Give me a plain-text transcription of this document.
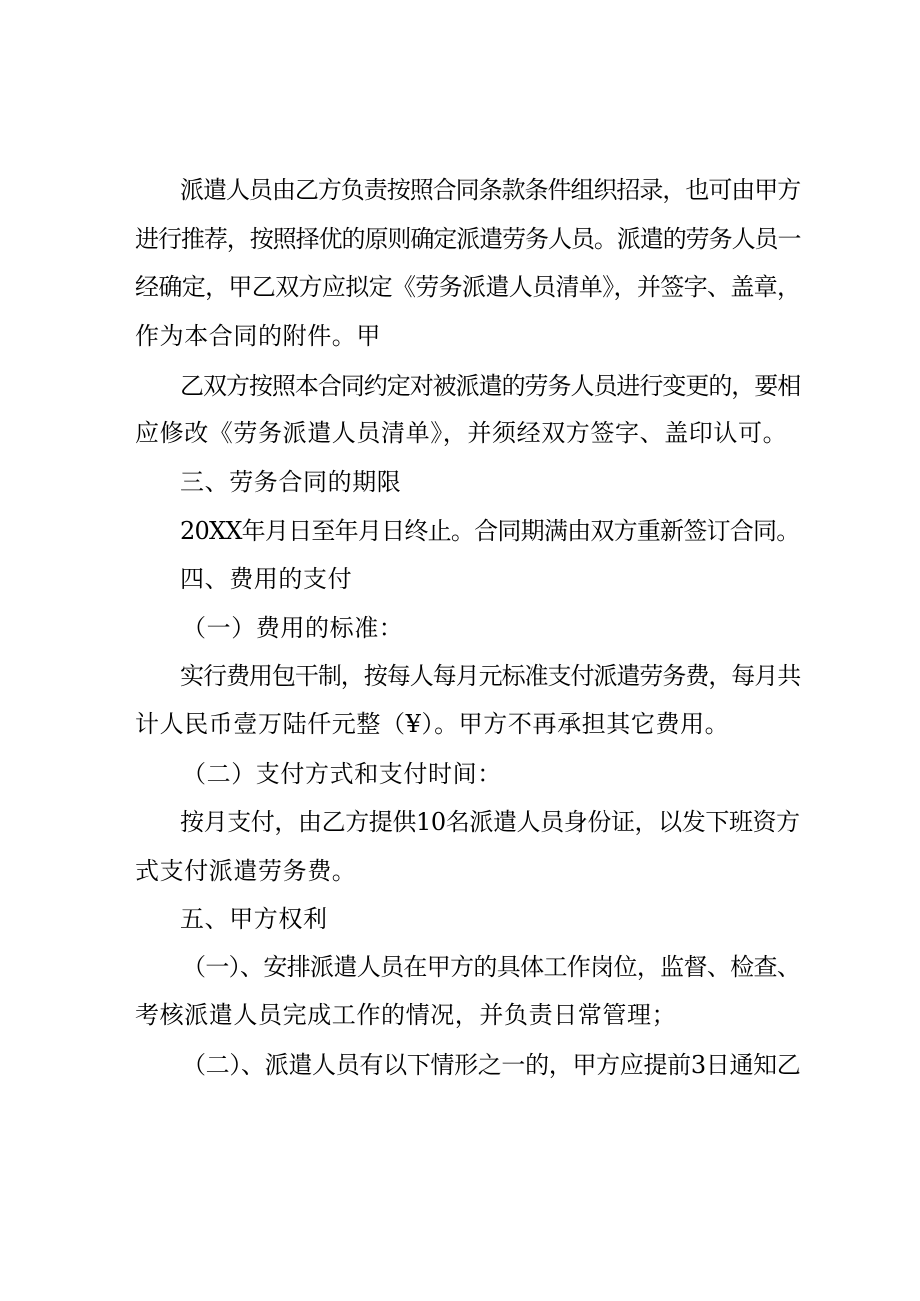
派遣人员由乙方负责按照合同条款条件组织招录，也可由甲方
进行推荐，按照择优的原则确定派遣劳务人员。派遣的劳务人员一
经确定，甲乙双方应拟定《劳务派遣人员清单》，并签字、盖章，
作为本合同的附件。甲
乙双方按照本合同约定对被派遣的劳务人员进行变更的，要相
应修改《劳务派遣人员清单》，并须经双方签字、盖印认可。
三、劳务合同的期限
20XX年月日至年月日终止。合同期满由双方重新签订合同。
四、费用的支付
（一）费用的标准：
实行费用包干制，按每人每月元标准支付派遣劳务费，每月共
计人民币壹万陆仟元整（¥）。甲方不再承担其它费用。
（二）支付方式和支付时间：
按月支付，由乙方提供10名派遣人员身份证，以发下班资方
式支付派遣劳务费。
五、甲方权利
（一）、安排派遣人员在甲方的具体工作岗位，监督、检查、
考核派遣人员完成工作的情况，并负责日常管理；
（二）、派遣人员有以下情形之一的，甲方应提前3日通知乙
